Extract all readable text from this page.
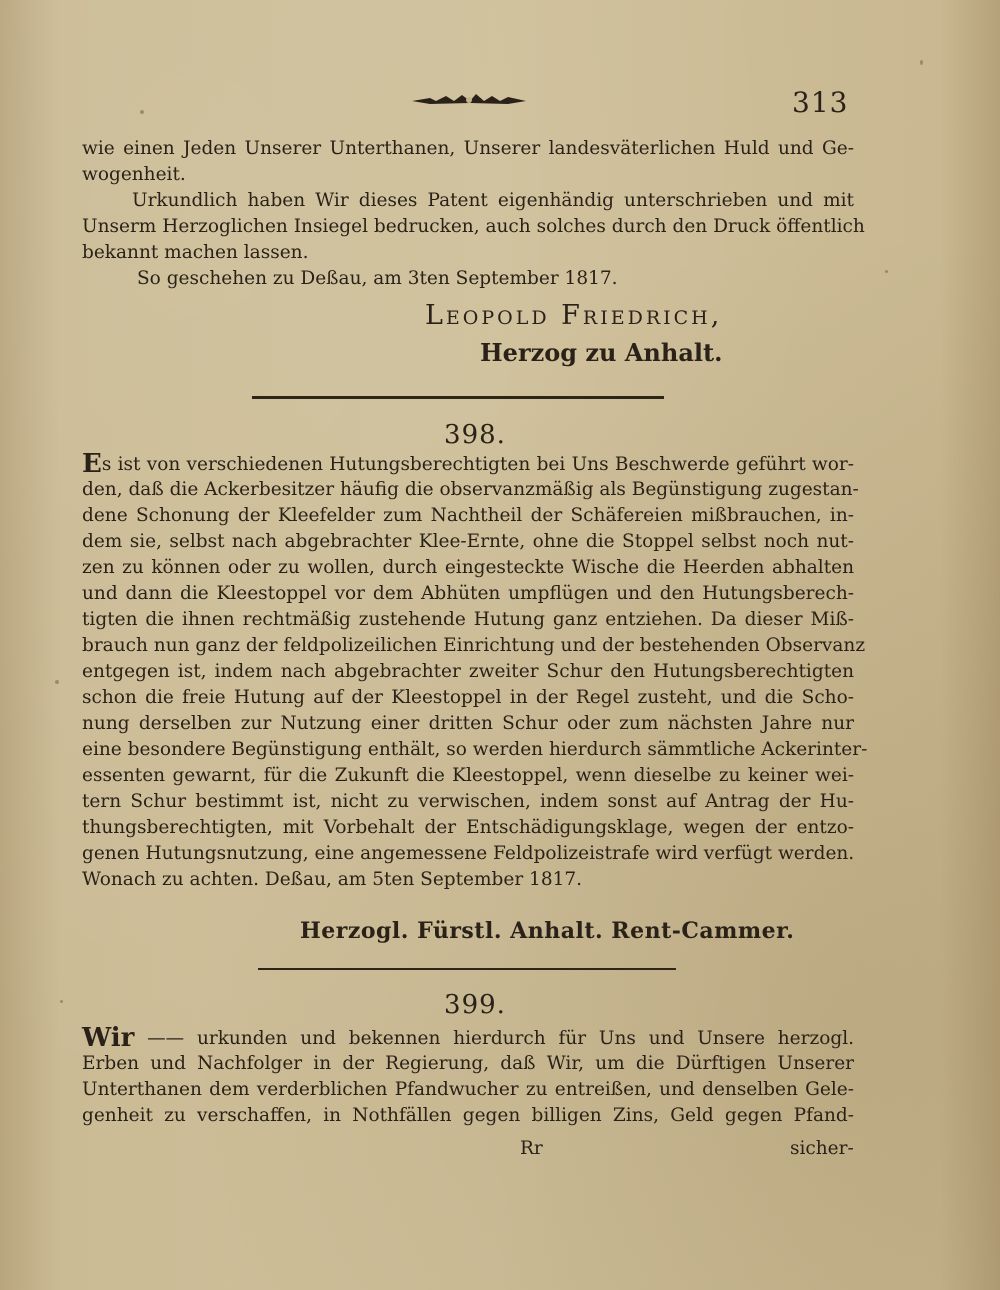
313
wie einen Jeden Unserer Unterthanen, Unserer landesväterlichen Huld und Ge-
wogenheit.
Urkundlich haben Wir dieses Patent eigenhändig unterschrieben und mit
Unserm Herzoglichen Insiegel bedrucken, auch solches durch den Druck öffentlich
bekannt machen lassen.
So geschehen zu Deßau, am 3ten September 1817.
Leopold Friedrich,
Herzog zu Anhalt.
398.
Es ist von verschiedenen Hutungsberechtigten bei Uns Beschwerde geführt wor-
den, daß die Ackerbesitzer häufig die observanzmäßig als Begünstigung zugestan-
dene Schonung der Kleefelder zum Nachtheil der Schäfereien mißbrauchen, in-
dem sie, selbst nach abgebrachter Klee-Ernte, ohne die Stoppel selbst noch nut-
zen zu können oder zu wollen, durch eingesteckte Wische die Heerden abhalten
und dann die Kleestoppel vor dem Abhüten umpflügen und den Hutungsberech-
tigten die ihnen rechtmäßig zustehende Hutung ganz entziehen. Da dieser Miß-
brauch nun ganz der feldpolizeilichen Einrichtung und der bestehenden Observanz
entgegen ist, indem nach abgebrachter zweiter Schur den Hutungsberechtigten
schon die freie Hutung auf der Kleestoppel in der Regel zusteht, und die Scho-
nung derselben zur Nutzung einer dritten Schur oder zum nächsten Jahre nur
eine besondere Begünstigung enthält, so werden hierdurch sämmtliche Ackerinter-
essenten gewarnt, für die Zukunft die Kleestoppel, wenn dieselbe zu keiner wei-
tern Schur bestimmt ist, nicht zu verwischen, indem sonst auf Antrag der Hu-
thungsberechtigten, mit Vorbehalt der Entschädigungsklage, wegen der entzo-
genen Hutungsnutzung, eine angemessene Feldpolizeistrafe wird verfügt werden.
Wonach zu achten. Deßau, am 5ten September 1817.
Herzogl. Fürstl. Anhalt. Rent-Cammer.
399.
Wir —— urkunden und bekennen hierdurch für Uns und Unsere herzogl.
Erben und Nachfolger in der Regierung, daß Wir, um die Dürftigen Unserer
Unterthanen dem verderblichen Pfandwucher zu entreißen, und denselben Gele-
genheit zu verschaffen, in Nothfällen gegen billigen Zins, Geld gegen Pfand-
Rr	sicher-
